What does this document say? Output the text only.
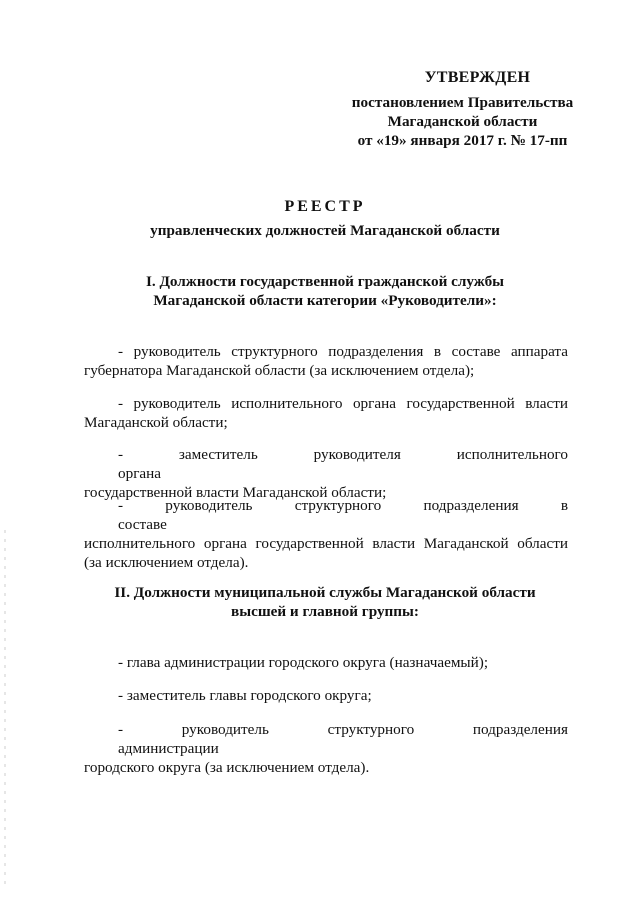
УТВЕРЖДЕН
постановлением Правительства
Магаданской области
от «19» января 2017 г. № 17-пп
РЕЕСТР
управленческих должностей Магаданской области
I. Должности государственной гражданской службы
Магаданской области категории «Руководители»:
- руководитель структурного подразделения в составе аппарата
губернатора Магаданской области (за исключением отдела);
- руководитель исполнительного органа государственной власти
Магаданской области;
- заместитель руководителя исполнительного органа
государственной власти Магаданской области;
- руководитель структурного подразделения в составе
исполнительного органа государственной власти Магаданской области
(за исключением отдела).
II. Должности муниципальной службы Магаданской области
высшей и главной группы:
- глава администрации городского округа (назначаемый);
- заместитель главы городского округа;
- руководитель структурного подразделения администрации
городского округа (за исключением отдела).
